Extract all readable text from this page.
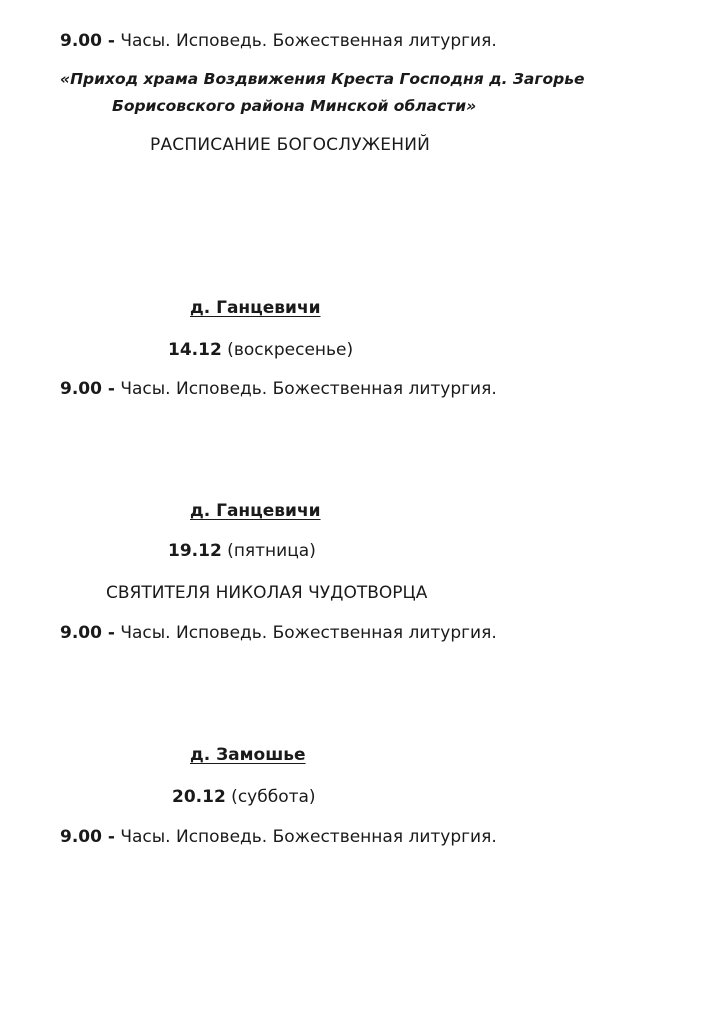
9.00 - Часы. Исповедь. Божественная литургия.
«Приход храма Воздвижения Креста Господня д. Загорье
Борисовского района Минской области»
РАСПИСАНИЕ БОГОСЛУЖЕНИЙ
д. Ганцевичи
14.12 (воскресенье)
9.00 - Часы. Исповедь. Божественная литургия.
д. Ганцевичи
19.12 (пятница)
СВЯТИТЕЛЯ НИКОЛАЯ ЧУДОТВОРЦА
9.00 - Часы. Исповедь. Божественная литургия.
д. Замошье
20.12 (суббота)
9.00 - Часы. Исповедь. Божественная литургия.
